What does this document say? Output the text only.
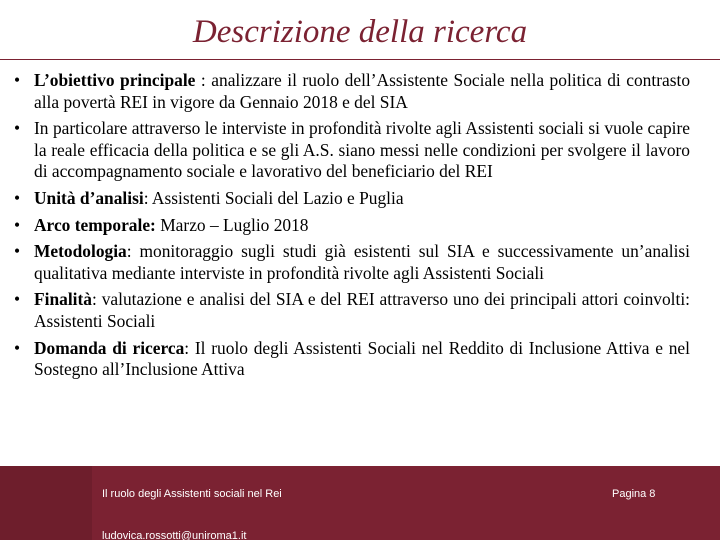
Descrizione della ricerca
•
L’obiettivo principale : analizzare il ruolo dell’Assistente Sociale nella politica di contrasto alla povertà REI in vigore da Gennaio 2018 e del SIA
•
In particolare attraverso le interviste in profondità rivolte agli Assistenti sociali si vuole capire la reale efficacia della politica e se gli A.S. siano messi nelle condizioni per svolgere il lavoro di accompagnamento sociale e lavorativo del beneficiario del REI
•
Unità d’analisi: Assistenti Sociali del Lazio e Puglia
•
Arco temporale: Marzo – Luglio 2018
•
Metodologia: monitoraggio sugli studi già esistenti sul SIA e successivamente un’analisi qualitativa mediante interviste in profondità rivolte agli Assistenti Sociali
•
Finalità: valutazione e analisi del SIA e del REI attraverso uno dei principali attori coinvolti: Assistenti Sociali
•
Domanda di ricerca: Il ruolo degli Assistenti Sociali nel Reddito di Inclusione Attiva e nel Sostegno all’Inclusione Attiva
Il ruolo degli Assistenti sociali nel Rei	Pagina 8
ludovica.rossotti@uniroma1.it
